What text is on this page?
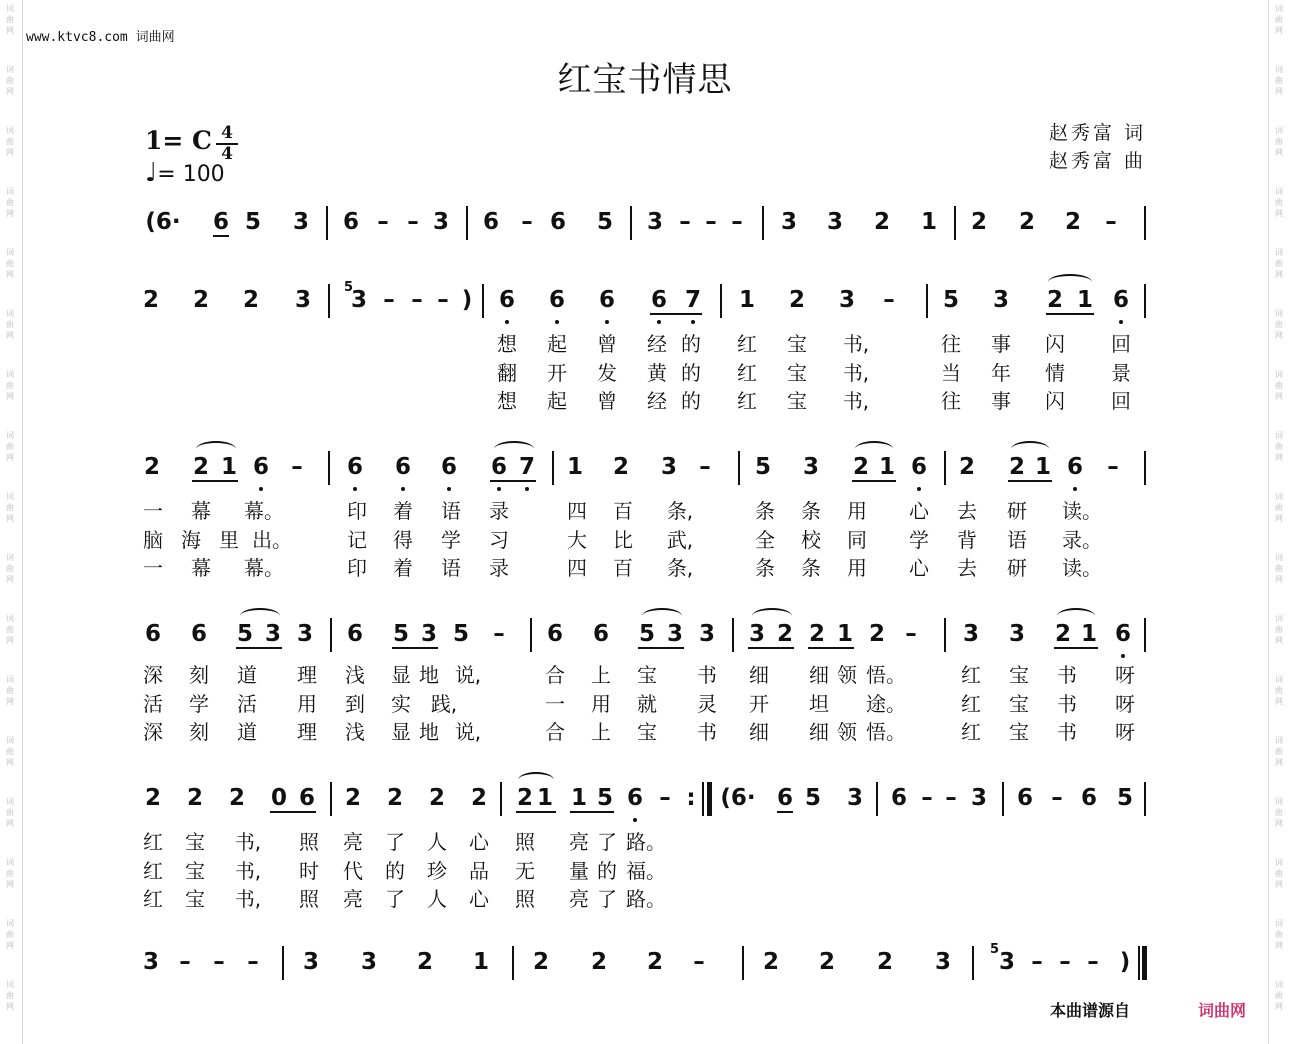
词
曲
网
词
曲
网
词
曲
网
词
曲
网
词
曲
网
词
曲
网
词
曲
网
词
曲
网
词
曲
网
词
曲
网
词
曲
网
词
曲
网
词
曲
网
词
曲
网
词
曲
网
词
曲
网
词
曲
网
词
曲
网
词
曲
网
词
曲
网
词
曲
网
词
曲
网
词
曲
网
词
曲
网
词
曲
网
词
曲
网
词
曲
网
词
曲
网
词
曲
网
词
曲
网
词
曲
网
词
曲
网
词
曲
网
词
曲
网
www.ktvc8.com 词曲网
红宝书情思
赵秀富 词
赵秀富 曲
1= C 4
4
♩= 100
(6· 6 5 3 6 – – 3 6 – 6 5 3 – – – 3 3 2 1 2 2 2 –
2 2 2 3	5
3 – – – ) 6 6 6 6 7 1 2 3 – 5 3 2 1 6
想 起 曾 经 的 红 宝	书,	往 事 闪 回
翻 开 发 黄 的 红 宝	书,	当 年 情 景
想 起 曾 经 的 红 宝	书,	往 事 闪 回
2 2 1 6 – 6 6 6 6 7 1 2 3 – 5 3 2 1 6 2 2 1 6 –
一 幕 幕。	印 着 语 录	四 百	条,	条 条 用 心 去 研 读。
脑 海 里 出。	记 得 学 习	大 比	武,	全 校 同 学 背 语 录。
一 幕 幕。	印 着 语 录	四 百	条,	条 条 用 心 去 研 读。
6 6 5 3 3 6 5 3 5 – 6 6 5 3 3 3 2 2 1 2 – 3 3 2 1 6
深 刻 道 理 浅 显 地 说,	合 上 宝 书 细 细 领 悟。	红 宝 书 呀
活 学 活 用 到 实 践,	一 用 就 灵 开 坦 途。	红 宝 书 呀
深 刻 道 理 浅 显 地 说,	合 上 宝 书 细 细 领 悟。	红 宝 书 呀
2 2 2 0 6 2 2 2 2 2 1 1 5 6 – : (6· 6 5 3 6 – – 3 6 – 6 5
红 宝	书,	照 亮 了 人 心 照 亮 了 路。
红 宝	书,	时 代 的 珍 品 无 量 的 福。
红 宝	书,	照 亮 了 人 心 照 亮 了 路。
3 – – – 3 3 2 1 2 2 2 –	2 2 2 3	5 3 – – – )
本曲谱源自	词曲网
